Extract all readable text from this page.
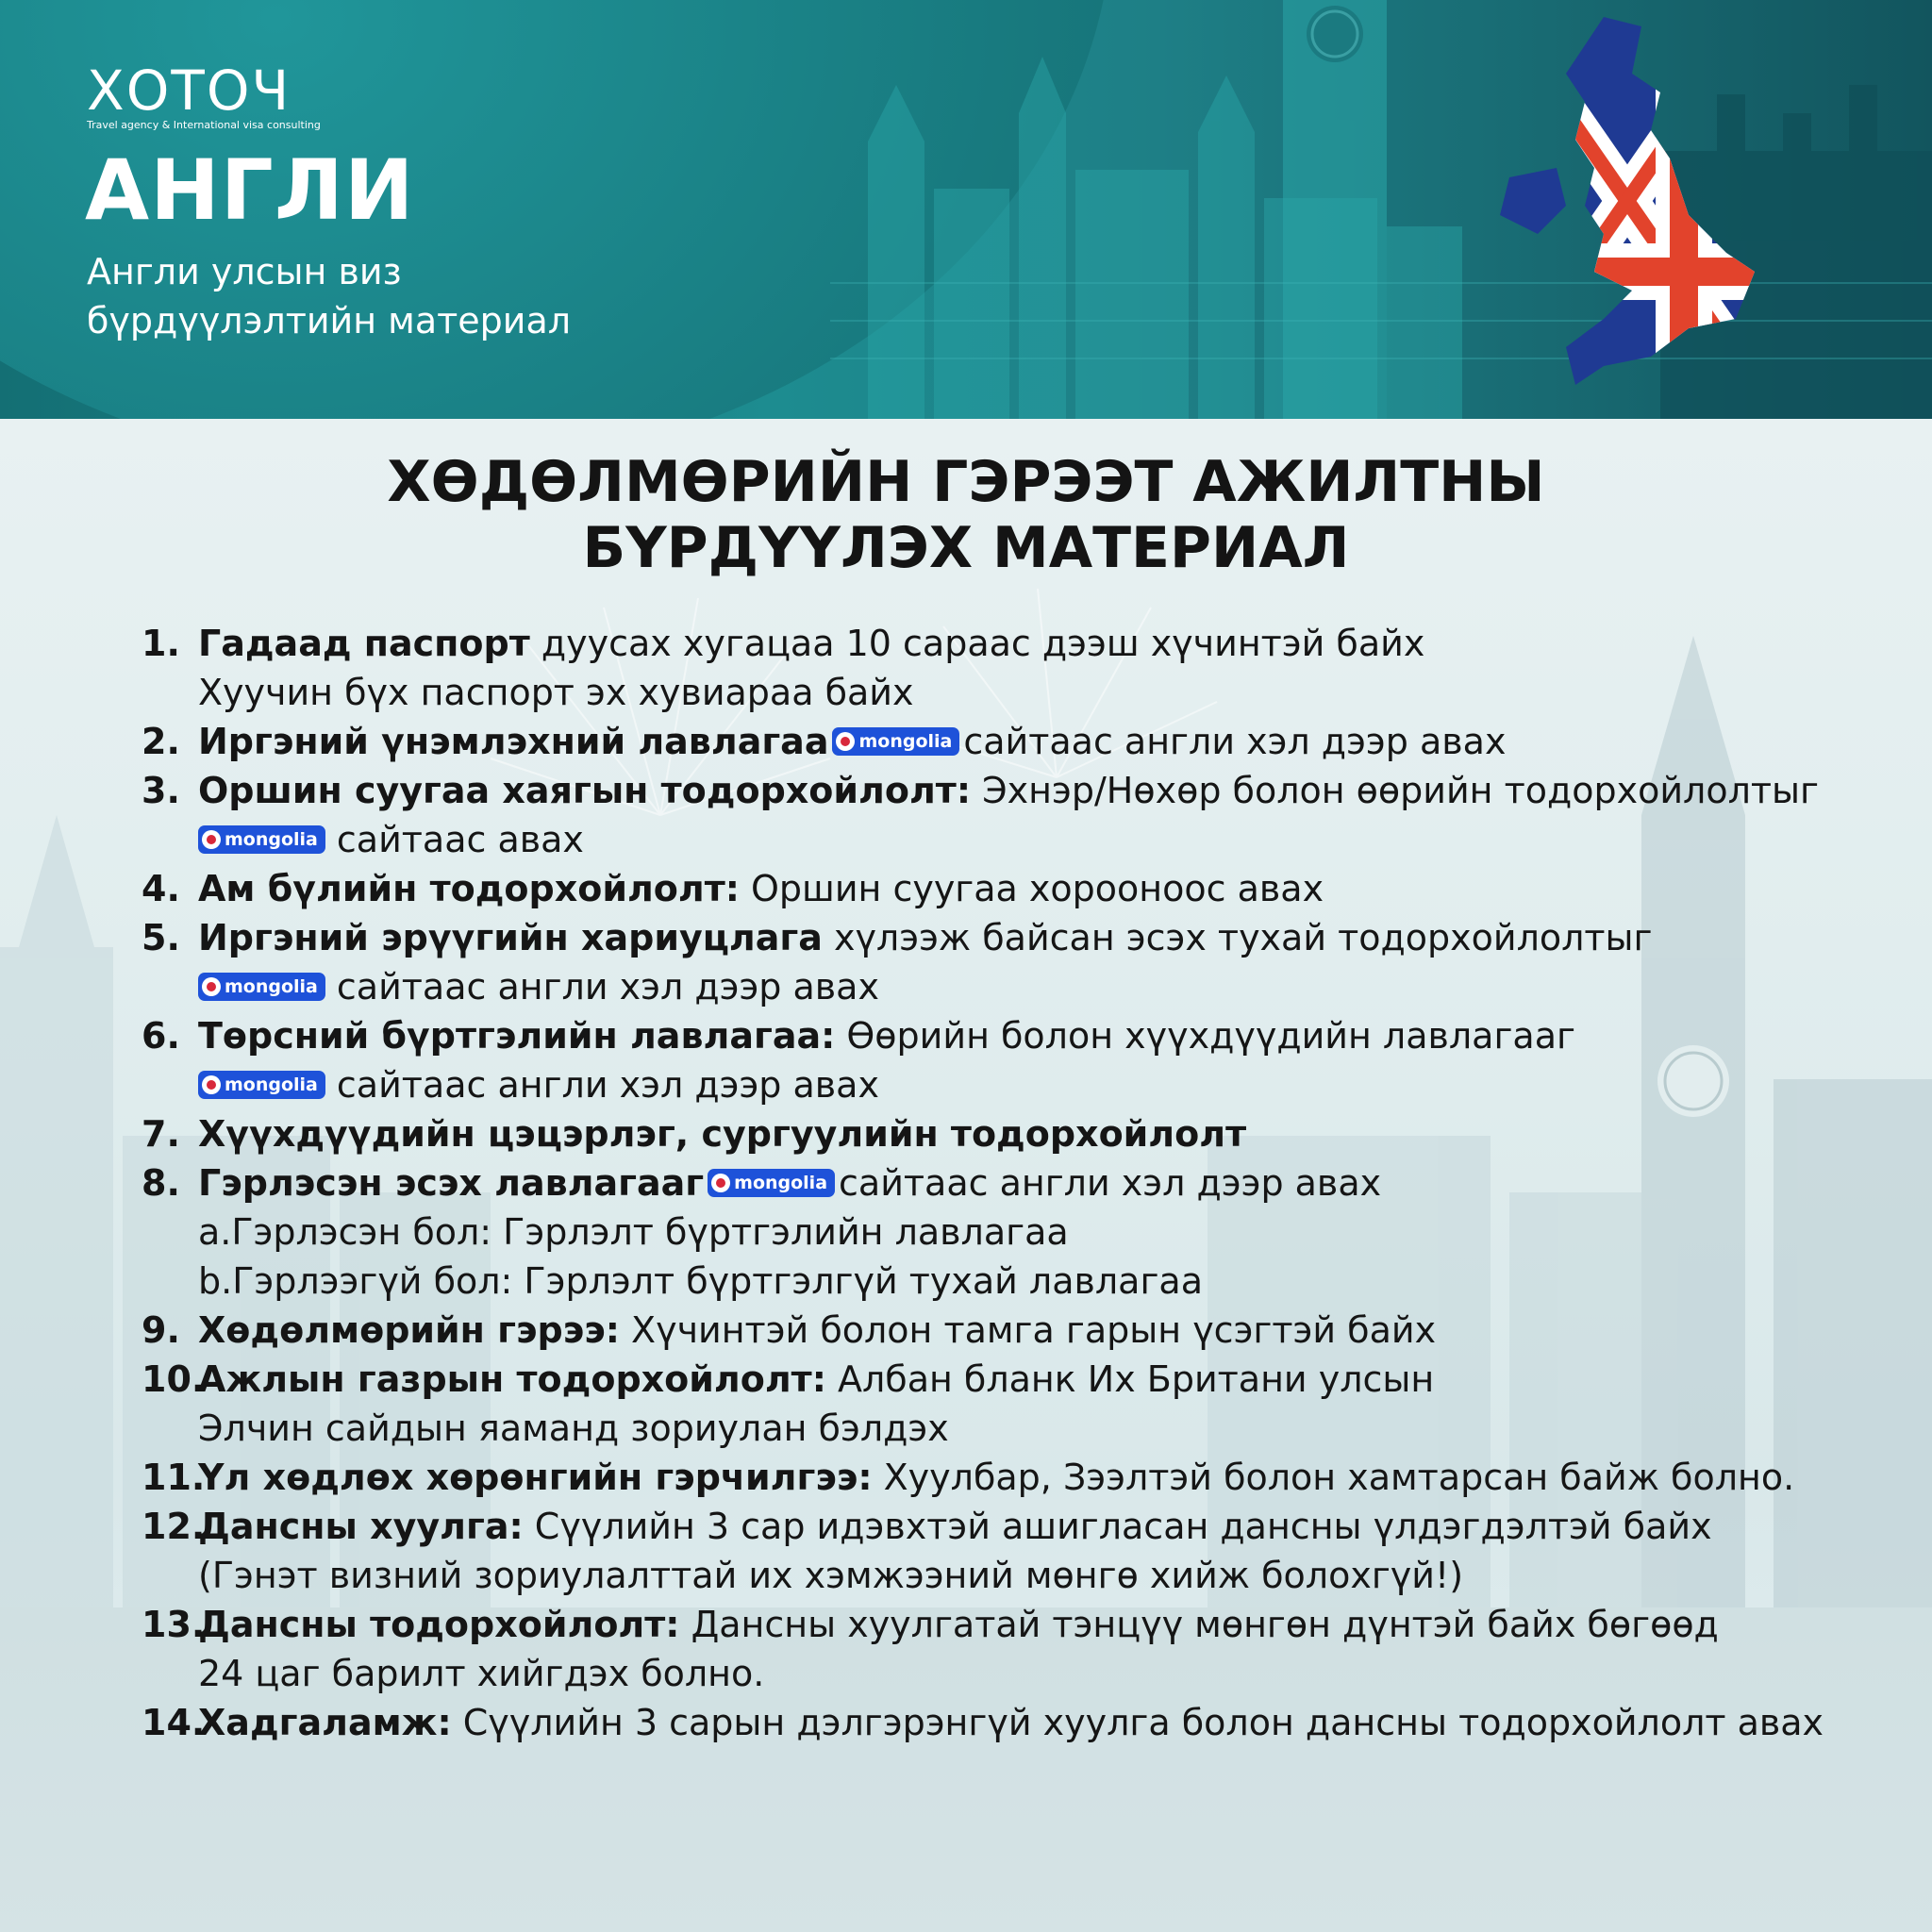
ХОТОЧ
Travel agency & International visa consulting
АНГЛИ
Англи улсын виз
бүрдүүлэлтийн материал
ХӨДӨЛМӨРИЙН ГЭРЭЭТ АЖИЛТНЫ
БҮРДҮҮЛЭХ МАТЕРИАЛ
1. Гадаад паспорт дуусах хугацаа 10 сараас дээш хүчинтэй байх
Хуучин бүх паспорт эх хувиараа байх
2. Иргэний үнэмлэхний лавлагаа mongolia сайтаас англи хэл дээр авах
3. Оршин суугаа хаягын тодорхойлолт: Эхнэр/Нөхөр болон өөрийн тодорхойлолтыг
mongolia сайтаас авах
4. Ам бүлийн тодорхойлолт: Оршин суугаа хорооноос авах
5. Иргэний эрүүгийн хариуцлага хүлээж байсан эсэх тухай тодорхойлолтыг
mongolia сайтаас англи хэл дээр авах
6. Төрсний бүртгэлийн лавлагаа: Өөрийн болон хүүхдүүдийн лавлагааг
mongolia сайтаас англи хэл дээр авах
7. Хүүхдүүдийн цэцэрлэг, сургуулийн тодорхойлолт
8. Гэрлэсэн эсэх лавлагааг mongolia сайтаас англи хэл дээр авах
a.Гэрлэсэн бол: Гэрлэлт бүртгэлийн лавлагаа
b.Гэрлээгүй бол: Гэрлэлт бүртгэлгүй тухай лавлагаа
9. Хөдөлмөрийн гэрээ: Хүчинтэй болон тамга гарын үсэгтэй байх
10.
Ажлын газрын тодорхойлолт: Албан бланк Их Британи улсын
Элчин сайдын яаманд зориулан бэлдэх
11.
Үл хөдлөх хөрөнгийн гэрчилгээ: Хуулбар, Зээлтэй болон хамтарсан байж болно.
12.
Дансны хуулга: Сүүлийн 3 сар идэвхтэй ашигласан дансны үлдэгдэлтэй байх
(Гэнэт визний зориулалттай их хэмжээний мөнгө хийж болохгүй!)
13.
Дансны тодорхойлолт: Дансны хуулгатай тэнцүү мөнгөн дүнтэй байх бөгөөд
24 цаг барилт хийгдэх болно.
14.
Хадгаламж: Сүүлийн 3 сарын дэлгэрэнгүй хуулга болон дансны тодорхойлолт авах
